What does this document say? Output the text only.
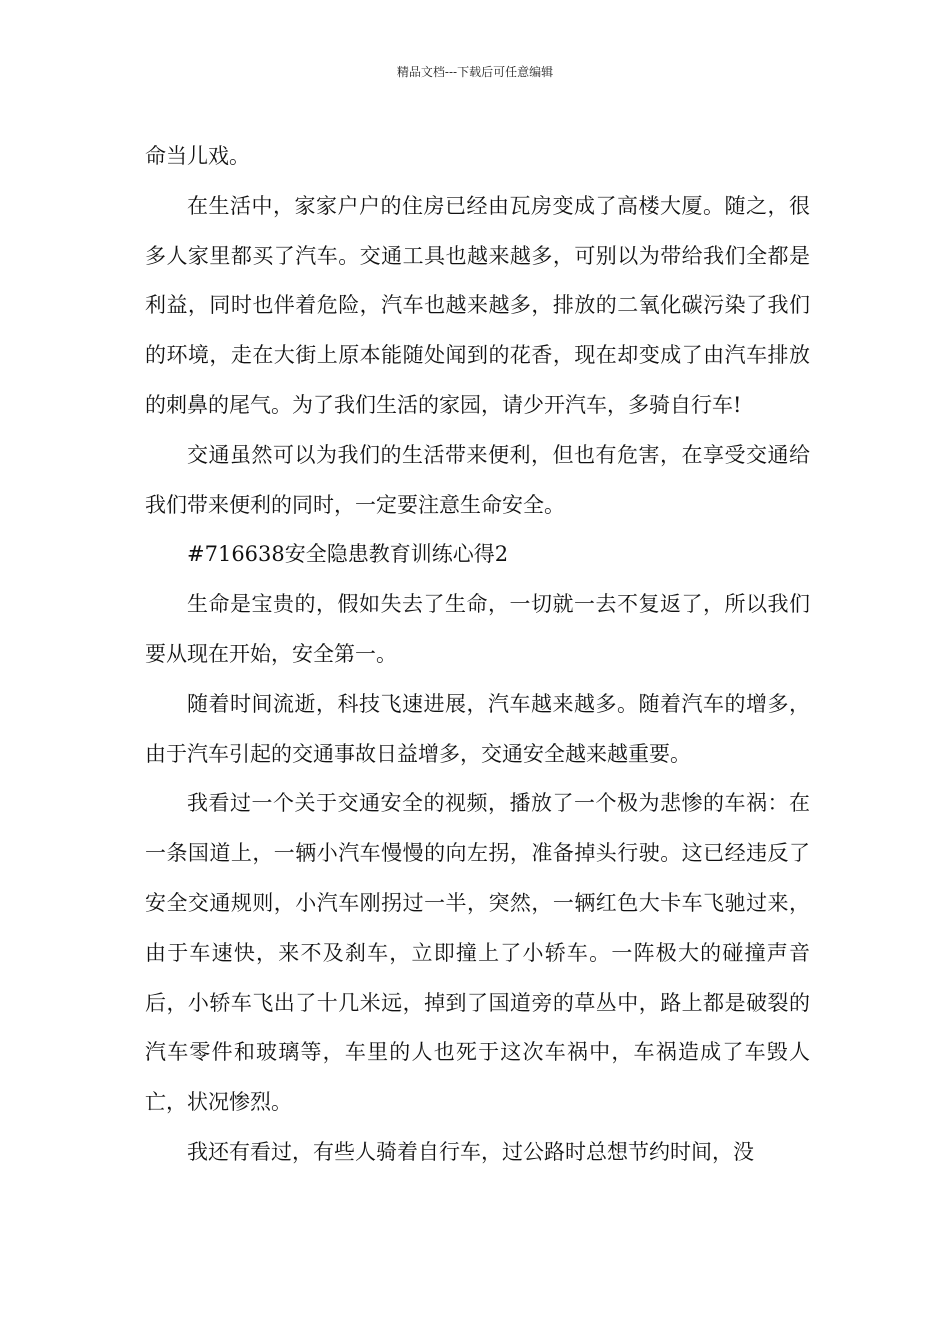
精品文档---下载后可任意编辑

命当儿戏。

在生活中，家家户户的住房已经由瓦房变成了高楼大厦。随之，很多人家里都买了汽车。交通工具也越来越多，可别以为带给我们全都是利益，同时也伴着危险，汽车也越来越多，排放的二氧化碳污染了我们的环境，走在大街上原本能随处闻到的花香，现在却变成了由汽车排放的刺鼻的尾气。为了我们生活的家园，请少开汽车，多骑自行车!

交通虽然可以为我们的生活带来便利，但也有危害，在享受交通给我们带来便利的同时，一定要注意生命安全。

#716638安全隐患教育训练心得2

生命是宝贵的，假如失去了生命，一切就一去不复返了，所以我们要从现在开始，安全第一。

随着时间流逝，科技飞速进展，汽车越来越多。随着汽车的增多，由于汽车引起的交通事故日益增多，交通安全越来越重要。

我看过一个关于交通安全的视频，播放了一个极为悲惨的车祸：在一条国道上，一辆小汽车慢慢的向左拐，准备掉头行驶。这已经违反了安全交通规则，小汽车刚拐过一半，突然，一辆红色大卡车飞驰过来，由于车速快，来不及刹车，立即撞上了小轿车。一阵极大的碰撞声音后，小轿车飞出了十几米远，掉到了国道旁的草丛中，路上都是破裂的汽车零件和玻璃等，车里的人也死于这次车祸中，车祸造成了车毁人亡，状况惨烈。

我还有看过，有些人骑着自行车，过公路时总想节约时间，没
